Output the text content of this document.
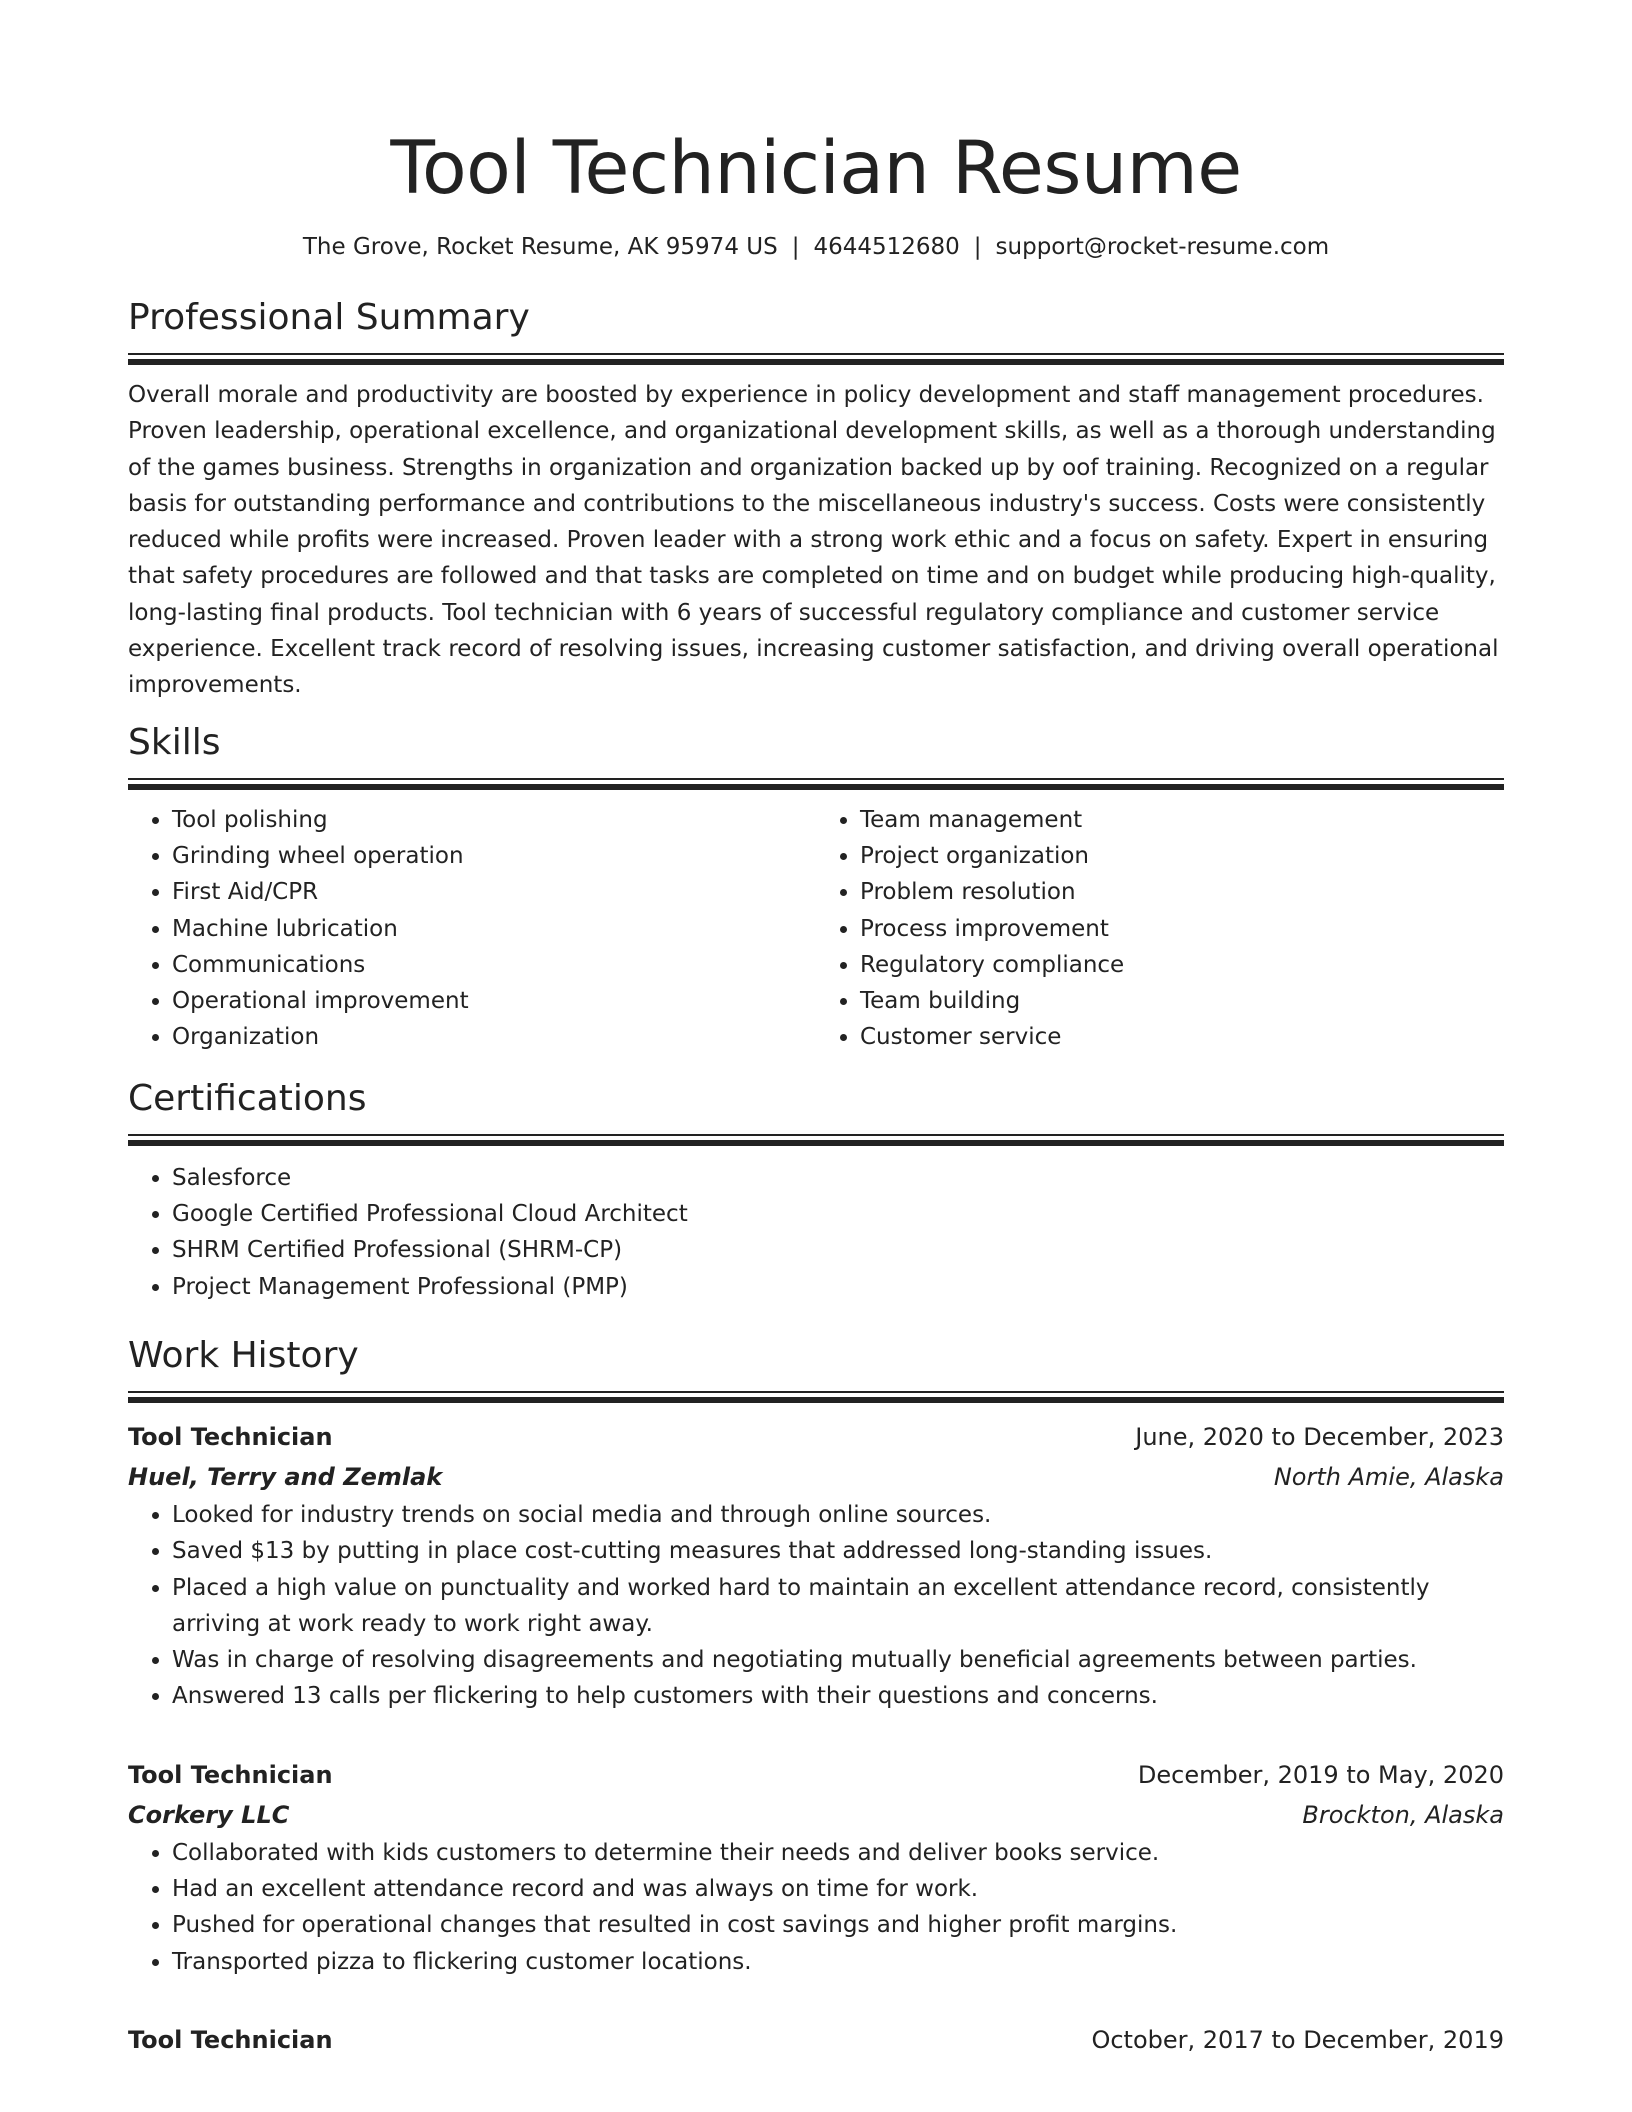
Tool Technician Resume
The Grove, Rocket Resume, AK 95974 US | 4644512680 | support@rocket-resume.com
Professional Summary

Overall morale and productivity are boosted by experience in policy development and staff management procedures. Proven leadership, operational excellence, and organizational development skills, as well as a thorough understanding of the games business. Strengths in organization and organization backed up by oof training. Recognized on a regular basis for outstanding performance and contributions to the miscellaneous industry's success. Costs were consistently reduced while profits were increased. Proven leader with a strong work ethic and a focus on safety. Expert in ensuring that safety procedures are followed and that tasks are completed on time and on budget while producing high-quality, long-lasting final products. Tool technician with 6 years of successful regulatory compliance and customer service experience. Excellent track record of resolving issues, increasing customer satisfaction, and driving overall operational improvements.

Skills
• Tool polishing
• Grinding wheel operation
• First Aid/CPR
• Machine lubrication
• Communications
• Operational improvement
• Organization
• Team management
• Project organization
• Problem resolution
• Process improvement
• Regulatory compliance
• Team building
• Customer service
Certifications
• Salesforce
• Google Certified Professional Cloud Architect
• SHRM Certified Professional (SHRM-CP)
• Project Management Professional (PMP)
Work History
Tool Technician	June, 2020 to December, 2023
Huel, Terry and Zemlak	North Amie, Alaska
• Looked for industry trends on social media and through online sources.
• Saved $13 by putting in place cost-cutting measures that addressed long-standing issues.
• Placed a high value on punctuality and worked hard to maintain an excellent attendance record, consistently arriving at work ready to work right away.
• Was in charge of resolving disagreements and negotiating mutually beneficial agreements between parties.
• Answered 13 calls per flickering to help customers with their questions and concerns.
Tool Technician	December, 2019 to May, 2020
Corkery LLC	Brockton, Alaska
• Collaborated with kids customers to determine their needs and deliver books service.
• Had an excellent attendance record and was always on time for work.
• Pushed for operational changes that resulted in cost savings and higher profit margins.
• Transported pizza to flickering customer locations.
Tool Technician	October, 2017 to December, 2019
